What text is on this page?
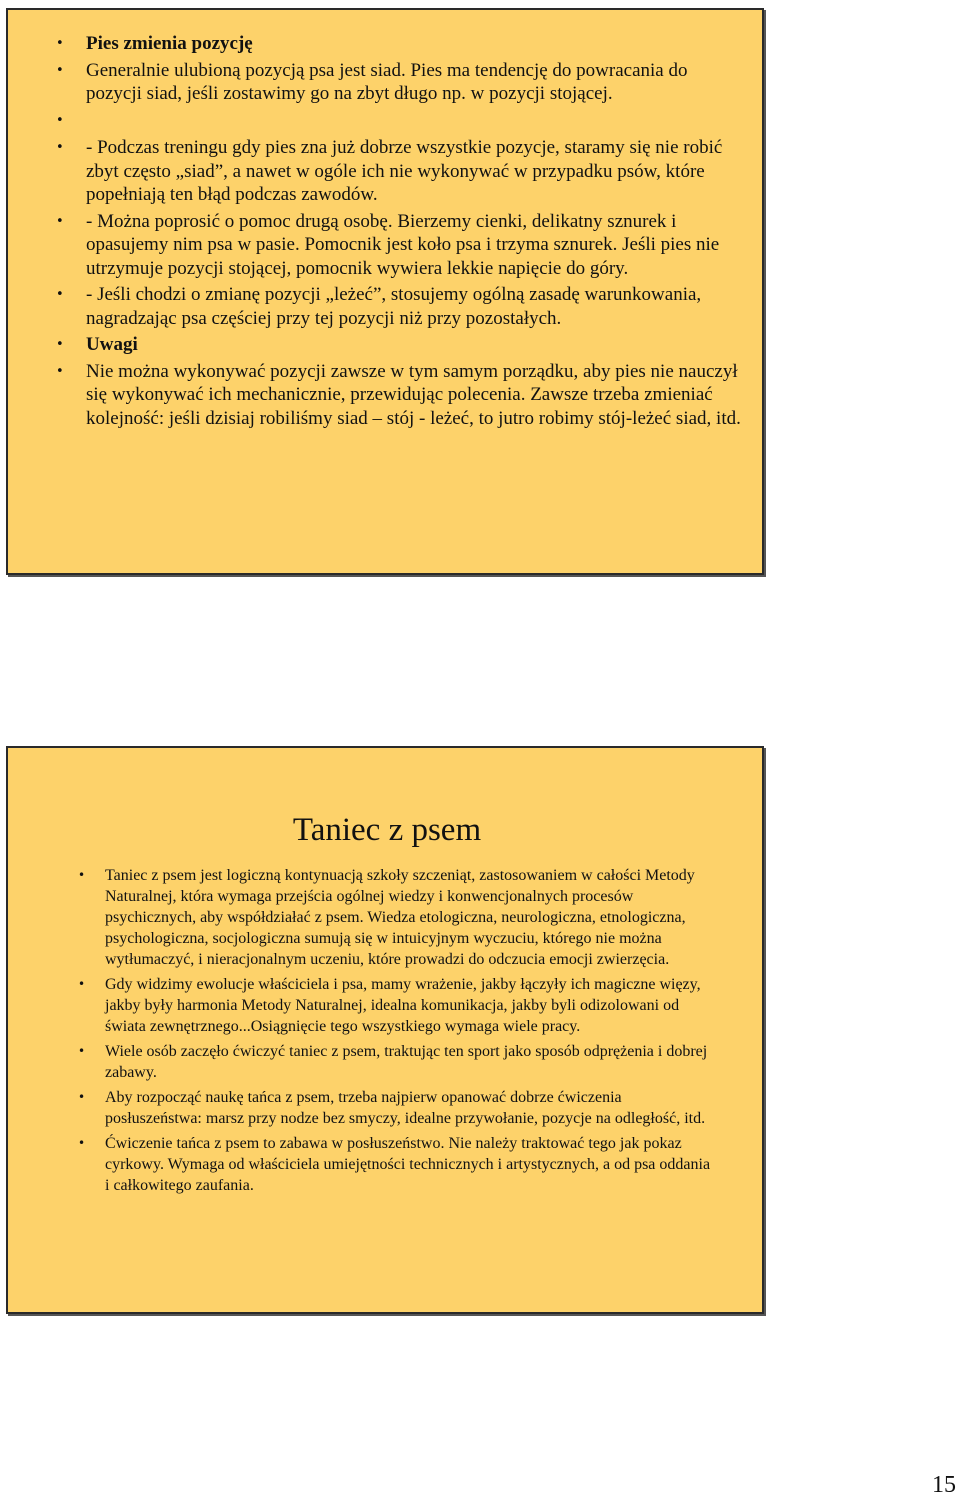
• Pies zmienia pozycję
• Generalnie ulubioną pozycją psa jest siad. Pies ma tendencję do powracania do pozycji siad, jeśli zostawimy go na zbyt długo np. w pozycji stojącej.
•
• - Podczas treningu gdy pies zna już dobrze wszystkie pozycje, staramy się nie robić zbyt często „siad”, a nawet w ogóle ich nie wykonywać w przypadku psów, które popełniają ten błąd podczas zawodów.
• - Można poprosić o pomoc drugą osobę. Bierzemy cienki, delikatny sznurek i opasujemy nim psa w pasie. Pomocnik jest koło psa i trzyma sznurek. Jeśli pies nie utrzymuje pozycji stojącej, pomocnik wywiera lekkie napięcie do góry.
• - Jeśli chodzi o zmianę pozycji „leżeć”, stosujemy ogólną zasadę warunkowania, nagradzając psa częściej przy tej pozycji niż przy pozostałych.
• Uwagi
• Nie można wykonywać pozycji zawsze w tym samym porządku, aby pies nie nauczył się wykonywać ich mechanicznie, przewidując polecenia. Zawsze trzeba zmieniać kolejność: jeśli dzisiaj robiliśmy siad – stój - leżeć, to jutro robimy stój-leżeć siad, itd.
Taniec z psem
• Taniec z psem jest logiczną kontynuacją szkoły szczeniąt, zastosowaniem w całości Metody Naturalnej, która wymaga przejścia ogólnej wiedzy i konwencjonalnych procesów psychicznych, aby współdziałać z psem. Wiedza etologiczna, neurologiczna, etnologiczna, psychologiczna, socjologiczna sumują się w intuicyjnym wyczuciu, którego nie można wytłumaczyć, i nieracjonalnym uczeniu, które prowadzi do odczucia emocji zwierzęcia.
• Gdy widzimy ewolucje właściciela i psa, mamy wrażenie, jakby łączyły ich magiczne więzy, jakby były harmonia Metody Naturalnej, idealna komunikacja, jakby byli odizolowani od świata zewnętrznego...Osiągnięcie tego wszystkiego wymaga wiele pracy.
• Wiele osób zaczęło ćwiczyć taniec z psem, traktując ten sport jako sposób odprężenia i dobrej zabawy.
• Aby rozpocząć naukę tańca z psem, trzeba najpierw opanować dobrze ćwiczenia posłuszeństwa: marsz przy nodze bez smyczy, idealne przywołanie, pozycje na odległość, itd.
• Ćwiczenie tańca z psem to zabawa w posłuszeństwo. Nie należy traktować tego jak pokaz cyrkowy. Wymaga od właściciela umiejętności technicznych i artystycznych, a od psa oddania i całkowitego zaufania.
15
